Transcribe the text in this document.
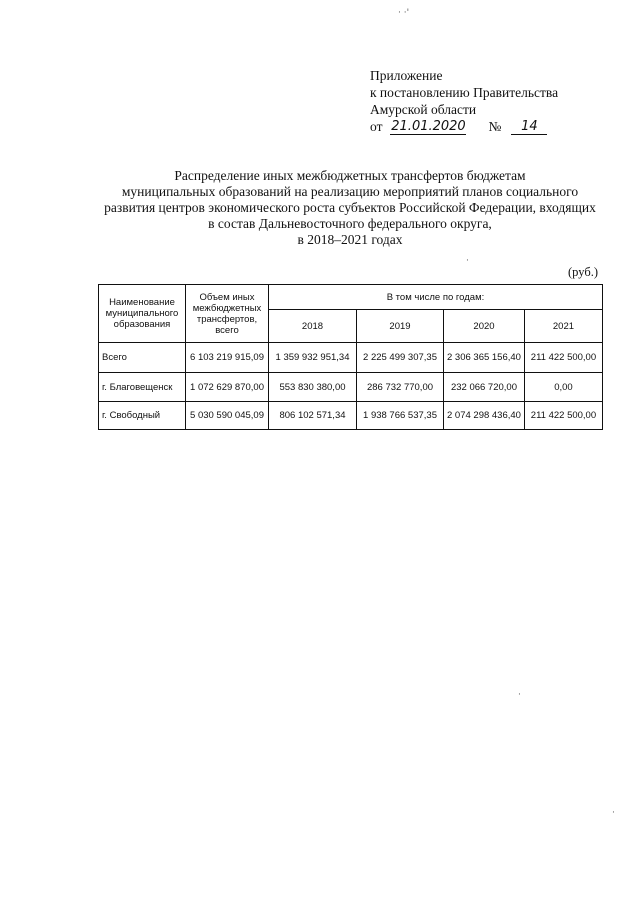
Приложение
к постановлению Правительства
Амурской области
от 21.01.2020 №	14
Распределение иных межбюджетных трансфертов бюджетам
муниципальных образований на реализацию мероприятий планов социального
развития центров экономического роста субъектов Российской Федерации, входящих
в состав Дальневосточного федерального округа,
в 2018–2021 годах
(руб.)
Наименование муниципального образования	Объем иных межбюджетных трансфертов, всего	В том числе по годам:			
		2018	2019	2020	2021
Всего	6 103 219 915,09	1 359 932 951,34	2 225 499 307,35	2 306 365 156,40	211 422 500,00
г. Благовещенск	1 072 629 870,00	553 830 380,00	286 732 770,00	232 066 720,00	0,00
г. Свободный	5 030 590 045,09	806 102 571,34	1 938 766 537,35	2 074 298 436,40	211 422 500,00
· ·'
·
·
·
